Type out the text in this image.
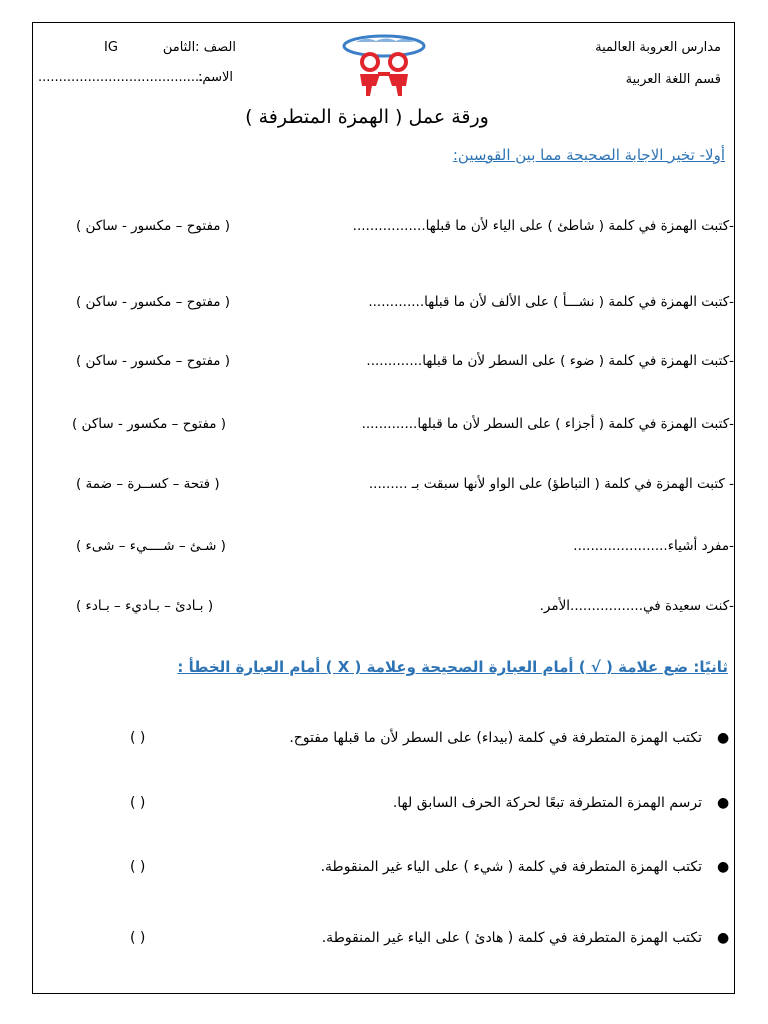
مدارس العروبة العالمية
قسم اللغة العربية
IG	الصف :الثامن
........................................
الاسم:
ورقة عمل ( الهمزة المتطرفة )
أولا- تخير الاجابة الصحيحة مما بين القوسين:
-كتبت الهمزة في كلمة ( شاطئ ) على الياء لأن ما قبلها.................
( مفتوح – مكسور - ساكن )
-كتبت الهمزة في كلمة ( نشـــأ ) على الألف لأن ما قبلها.............
( مفتوح – مكسور - ساكن )
-كتبت الهمزة في كلمة ( ضوء ) على السطر لأن ما قبلها.............
( مفتوح – مكسور - ساكن )
-كتبت الهمزة في كلمة ( أجزاء ) على السطر لأن ما قبلها.............
( مفتوح – مكسور - ساكن )
- كتبت الهمزة في كلمة ( التباطؤ) على الواو لأنها سبقت بـ .........
( فتحة – كســرة – ضمة )
-مفرد أشياء......................
( شـئ – شــــيء – شىء )
-كنت سعيدة في.................الأمر.
( بـادئ – بـاديء – بـادء )
ثانيًا: ضع علامة ( √ ) أمام العبارة الصحيحة وعلامة ( X ) أمام العبارة الخطأ :
●
تكتب الهمزة المتطرفة في كلمة (بيداء) على السطر لأن ما قبلها مفتوح.
( )
●
ترسم الهمزة المتطرفة تبعًا لحركة الحرف السابق لها.
( )
●
تكتب الهمزة المتطرفة في كلمة ( شيء ) على الياء غير المنقوطة.
( )
●
تكتب الهمزة المتطرفة في كلمة ( هادئ ) على الياء غير المنقوطة.
( )
